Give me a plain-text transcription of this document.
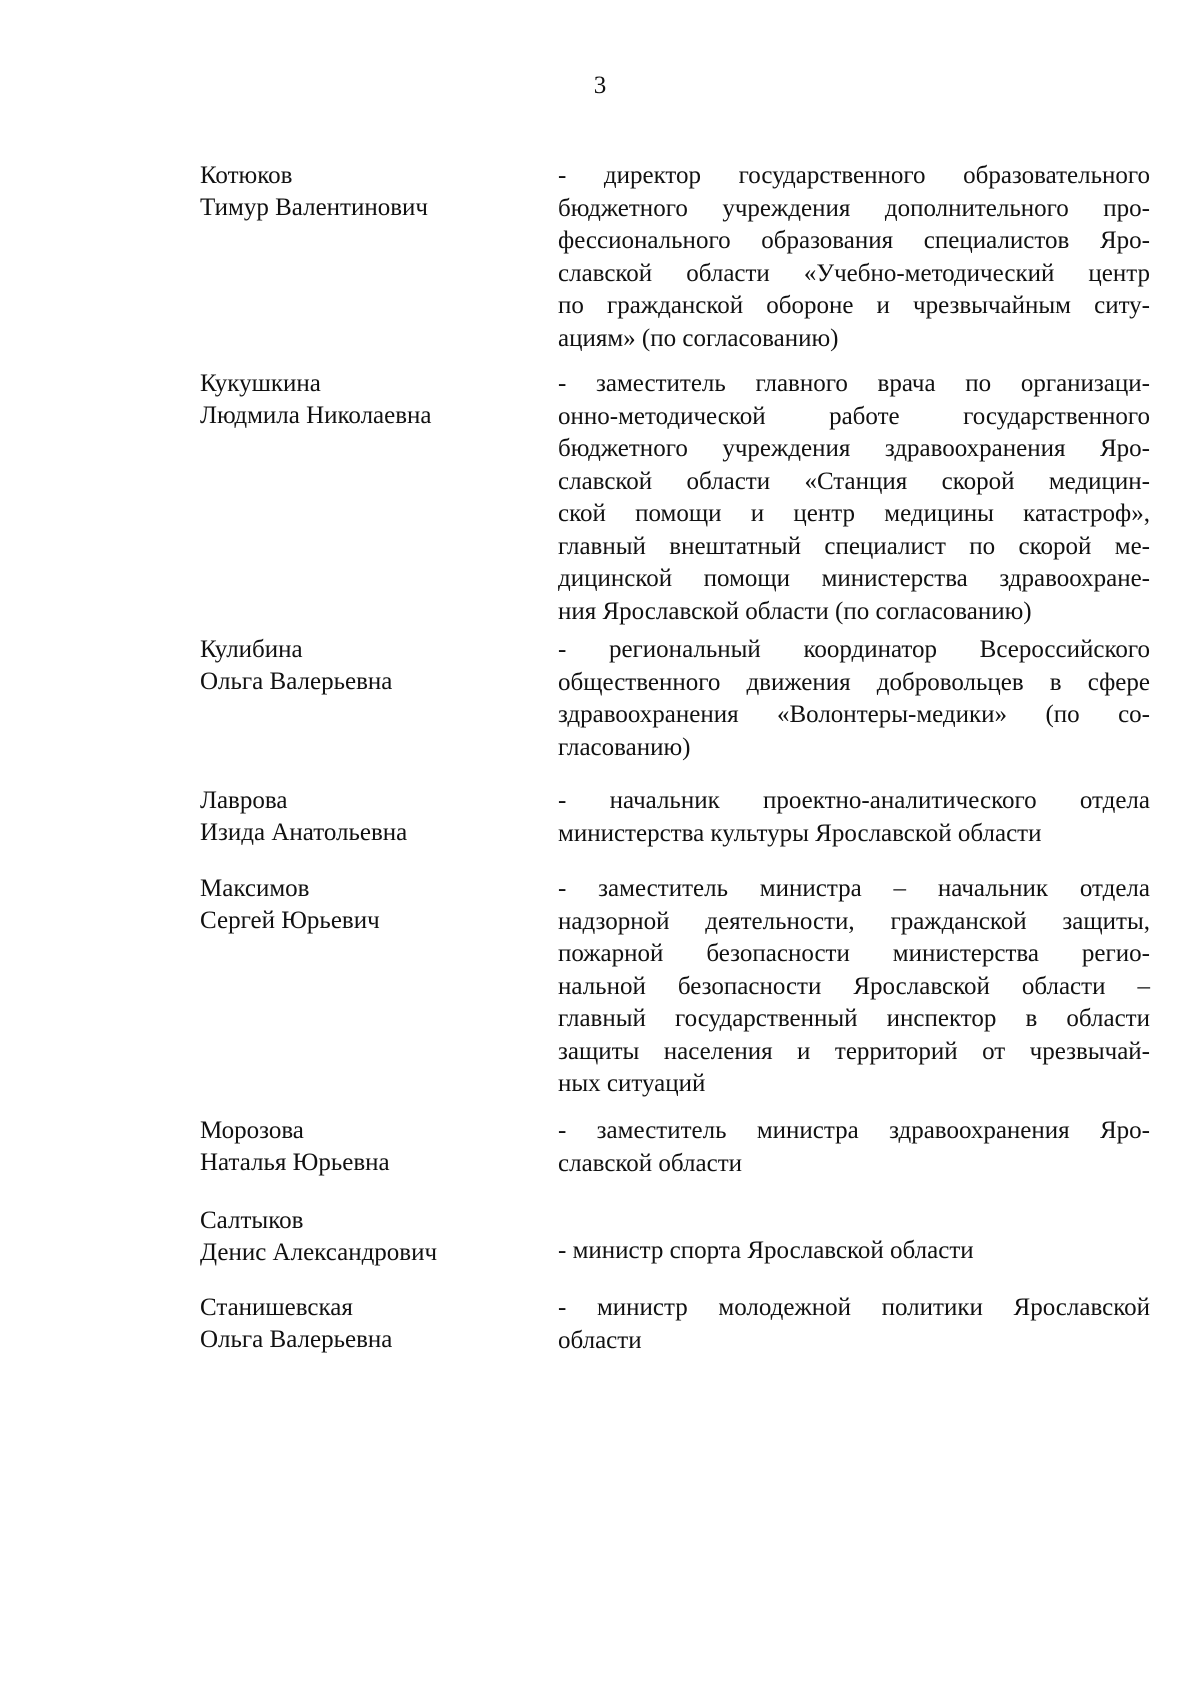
3
Котюков
Тимур Валентинович
- директор государственного образовательного
бюджетного учреждения дополнительного про-
фессионального образования специалистов Яро-
славской области «Учебно-методический центр
по гражданской обороне и чрезвычайным ситу-
ациям» (по согласованию)
Кукушкина
Людмила Николаевна
- заместитель главного врача по организаци-
онно-методической работе государственного
бюджетного учреждения здравоохранения Яро-
славской области «Станция скорой медицин-
ской помощи и центр медицины катастроф»,
главный внештатный специалист по скорой ме-
дицинской помощи министерства здравоохране-
ния Ярославской области (по согласованию)
Кулибина
Ольга Валерьевна
- региональный координатор Всероссийского
общественного движения добровольцев в сфере
здравоохранения «Волонтеры-медики» (по со-
гласованию)
Лаврова
Изида Анатольевна
- начальник проектно-аналитического отдела
министерства культуры Ярославской области
Максимов
Сергей Юрьевич
- заместитель министра – начальник отдела
надзорной деятельности, гражданской защиты,
пожарной безопасности министерства регио-
нальной безопасности Ярославской области –
главный государственный инспектор в области
защиты населения и территорий от чрезвычай-
ных ситуаций
Морозова
Наталья Юрьевна
- заместитель министра здравоохранения Яро-
славской области
Салтыков
Денис Александрович	- министр спорта Ярославской области
Станишевская
Ольга Валерьевна
- министр молодежной политики Ярославской
области
